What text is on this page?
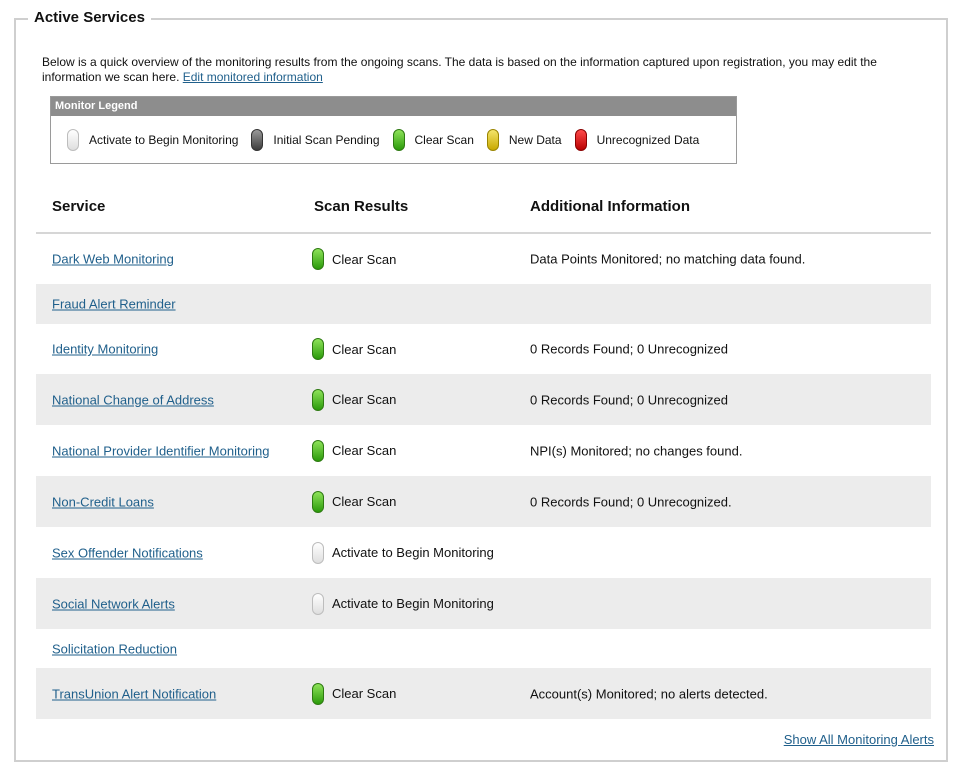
Active Services
Below is a quick overview of the monitoring results from the ongoing scans. The data is based on the information captured upon registration, you may edit the information we scan here. Edit monitored information
Monitor Legend
Activate to Begin Monitoring	Initial Scan Pending	Clear Scan	New Data	Unrecognized Data
Service	Scan Results	Additional Information
Dark Web Monitoring	Clear Scan	Data Points Monitored; no matching data found.
Fraud Alert Reminder
Identity Monitoring	Clear Scan	0 Records Found; 0 Unrecognized
National Change of Address	Clear Scan	0 Records Found; 0 Unrecognized
National Provider Identifier Monitoring	Clear Scan	NPI(s) Monitored; no changes found.
Non-Credit Loans	Clear Scan	0 Records Found; 0 Unrecognized.
Sex Offender Notifications	Activate to Begin Monitoring
Social Network Alerts	Activate to Begin Monitoring
Solicitation Reduction
TransUnion Alert Notification	Clear Scan	Account(s) Monitored; no alerts detected.
Show All Monitoring Alerts
